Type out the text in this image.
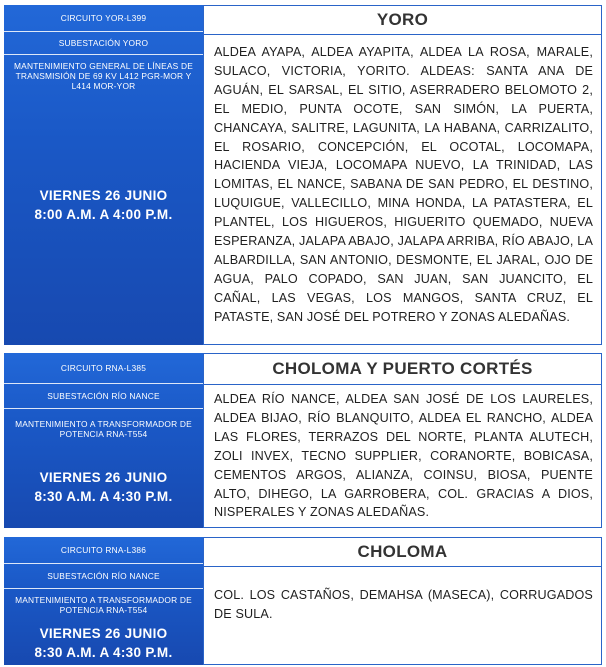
CIRCUITO YOR-L399
SUBESTACIÓN YORO
MANTENIMIENTO GENERAL DE LÍNEAS DE TRANSMISIÓN DE 69 KV L412 PGR-MOR Y L414 MOR-YOR
VIERNES 26 JUNIO
8:00 A.M. A 4:00 P.M.
YORO
ALDEA AYAPA, ALDEA AYAPITA, ALDEA LA ROSA, MARALE, SULACO, VICTORIA, YORITO. ALDEAS: SANTA ANA DE AGUÁN, EL SARSAL, EL SITIO, ASERRADERO BELOMOTO 2, EL MEDIO, PUNTA OCOTE, SAN SIMÓN, LA PUERTA, CHANCAYA, SALITRE, LAGUNITA, LA HABANA, CARRIZALITO, EL ROSARIO, CONCEPCIÓN, EL OCOTAL, LOCOMAPA, HACIENDA VIEJA, LOCOMAPA NUEVO, LA TRINIDAD, LAS LOMITAS, EL NANCE, SABANA DE SAN PEDRO, EL DESTINO, LUQUIGUE, VALLECILLO, MINA HONDA, LA PATASTERA, EL PLANTEL, LOS HIGUEROS, HIGUERITO QUEMADO, NUEVA ESPERANZA, JALAPA ABAJO, JALAPA ARRIBA, RÍO ABAJO, LA ALBARDILLA, SAN ANTONIO, DESMONTE, EL JARAL, OJO DE AGUA, PALO COPADO, SAN JUAN, SAN JUANCITO, EL CAÑAL, LAS VEGAS, LOS MANGOS, SANTA CRUZ, EL PATASTE, SAN JOSÉ DEL POTRERO Y ZONAS ALEDAÑAS.
CIRCUITO RNA-L385
SUBESTACIÓN RÍO NANCE
MANTENIMIENTO A TRANSFORMADOR DE POTENCIA RNA-T554
VIERNES 26 JUNIO
8:30 A.M. A 4:30 P.M.
CHOLOMA Y PUERTO CORTÉS
ALDEA RÍO NANCE, ALDEA SAN JOSÉ DE LOS LAURELES, ALDEA BIJAO, RÍO BLANQUITO, ALDEA EL RANCHO, ALDEA LAS FLORES, TERRAZOS DEL NORTE, PLANTA ALUTECH, ZOLI INVEX, TECNO SUPPLIER, CORANORTE, BOBICASA, CEMENTOS ARGOS, ALIANZA, COINSU, BIOSA, PUENTE ALTO, DIHEGO, LA GARROBERA, COL. GRACIAS A DIOS, NISPERALES Y ZONAS ALEDAÑAS.
CIRCUITO RNA-L386
SUBESTACIÓN RÍO NANCE
MANTENIMIENTO A TRANSFORMADOR DE POTENCIA RNA-T554
VIERNES 26 JUNIO
8:30 A.M. A 4:30 P.M.
CHOLOMA
COL. LOS CASTAÑOS, DEMAHSA (MASECA), CORRUGADOS DE SULA.
